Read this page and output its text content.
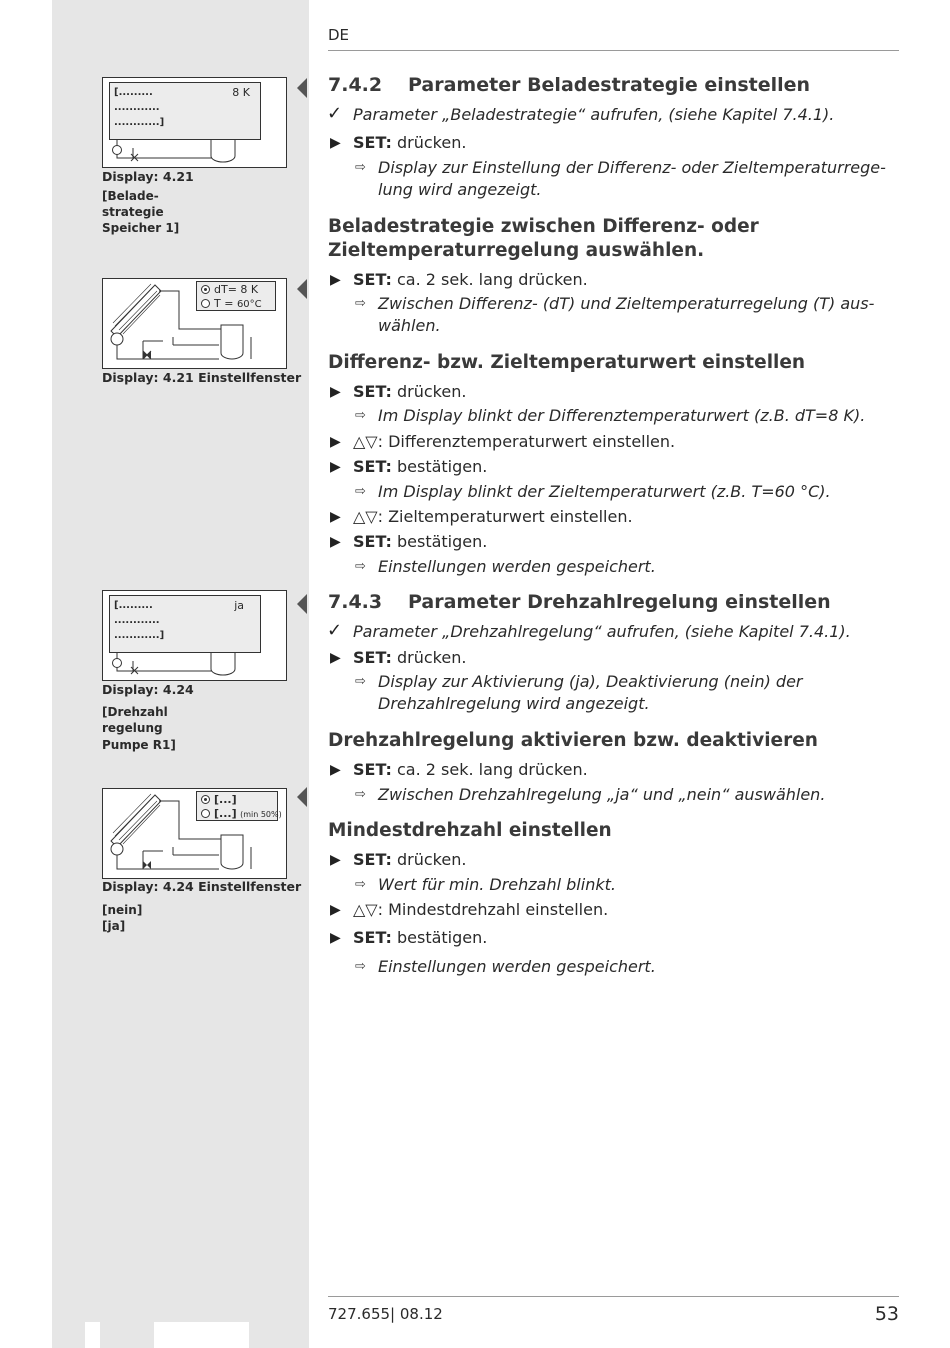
DE
[.........
............
............]
8 K
Display: 4.21
[Belade-
strategie
Speicher 1]
dT= 8 K
T = 60°C
Display: 4.21 Einstellfenster
[.........
............
............]
ja
Display: 4.24
[Drehzahl
regelung
Pumpe R1]
[...]
[...] (min 50%)
Display: 4.24 Einstellfenster
[nein]
[ja]
7.4.2 Parameter Beladestrategie einstellen
✓ Parameter „Beladestrategie“ aufrufen, (siehe Kapitel 7.4.1).
▶ SET: drücken.
⇨ Display zur Einstellung der Differenz- oder Zieltemperaturregelung wird angezeigt.
Beladestrategie zwischen Differenz- oder Zieltemperaturregelung auswählen.
▶ SET: ca. 2 sek. lang drücken.
⇨ Zwischen Differenz- (dT) und Zieltemperaturregelung (T) auswählen.
Differenz- bzw. Zieltemperaturwert einstellen
▶ SET: drücken.
⇨ Im Display blinkt der Differenztemperaturwert (z.B. dT=8 K).
▶ △▽: Differenztemperaturwert einstellen.
▶ SET: bestätigen.
⇨ Im Display blinkt der Zieltemperaturwert (z.B. T=60 °C).
▶ △▽: Zieltemperaturwert einstellen.
▶ SET: bestätigen.
⇨ Einstellungen werden gespeichert.
7.4.3 Parameter Drehzahlregelung einstellen
✓ Parameter „Drehzahlregelung“ aufrufen, (siehe Kapitel 7.4.1).
▶ SET: drücken.
⇨ Display zur Aktivierung (ja), Deaktivierung (nein) der Drehzahlregelung wird angezeigt.
Drehzahlregelung aktivieren bzw. deaktivieren
▶ SET: ca. 2 sek. lang drücken.
⇨ Zwischen Drehzahlregelung „ja“ und „nein“ auswählen.
Mindestdrehzahl einstellen
▶ SET: drücken.
⇨ Wert für min. Drehzahl blinkt.
▶ △▽: Mindestdrehzahl einstellen.
▶ SET: bestätigen.
⇨ Einstellungen werden gespeichert.
727.655| 08.12	53
